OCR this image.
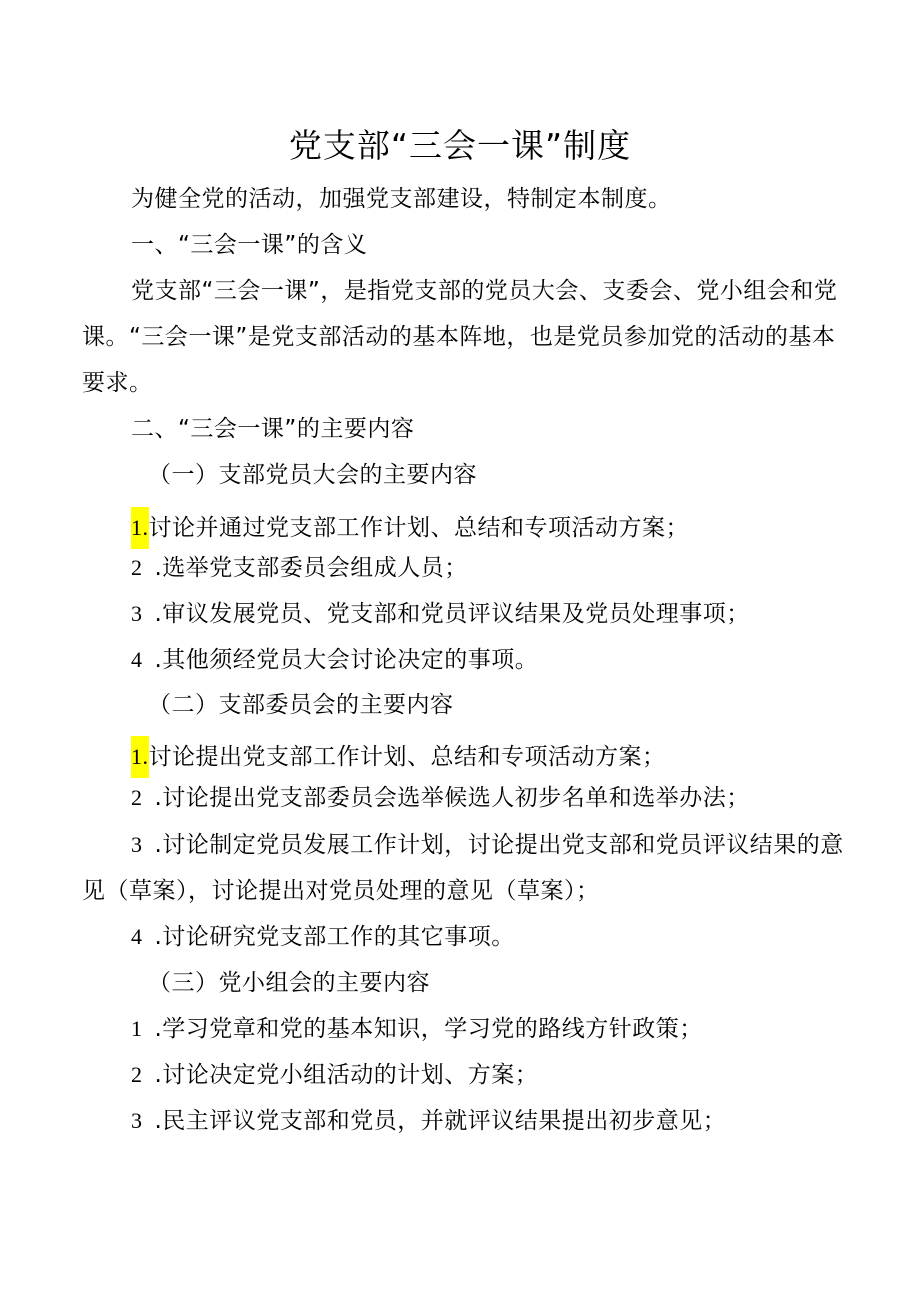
党支部“三会一课”制度
为健全党的活动，加强党支部建设，特制定本制度。
一、“三会一课”的含义
党支部“三会一课”，是指党支部的党员大会、支委会、党小组会和党
课。“三会一课”是党支部活动的基本阵地，也是党员参加党的活动的基本
要求。
二、“三会一课”的主要内容
（一）支部党员大会的主要内容
1.讨论并通过党支部工作计划、总结和专项活动方案；
2 .选举党支部委员会组成人员；
3 .审议发展党员、党支部和党员评议结果及党员处理事项；
4 .其他须经党员大会讨论决定的事项。
（二）支部委员会的主要内容
1.讨论提出党支部工作计划、总结和专项活动方案；
2 .讨论提出党支部委员会选举候选人初步名单和选举办法；
3 .讨论制定党员发展工作计划，讨论提出党支部和党员评议结果的意
见（草案），讨论提出对党员处理的意见（草案）；
4 .讨论研究党支部工作的其它事项。
（三）党小组会的主要内容
1 .学习党章和党的基本知识，学习党的路线方针政策；
2 .讨论决定党小组活动的计划、方案；
3 .民主评议党支部和党员，并就评议结果提出初步意见；
